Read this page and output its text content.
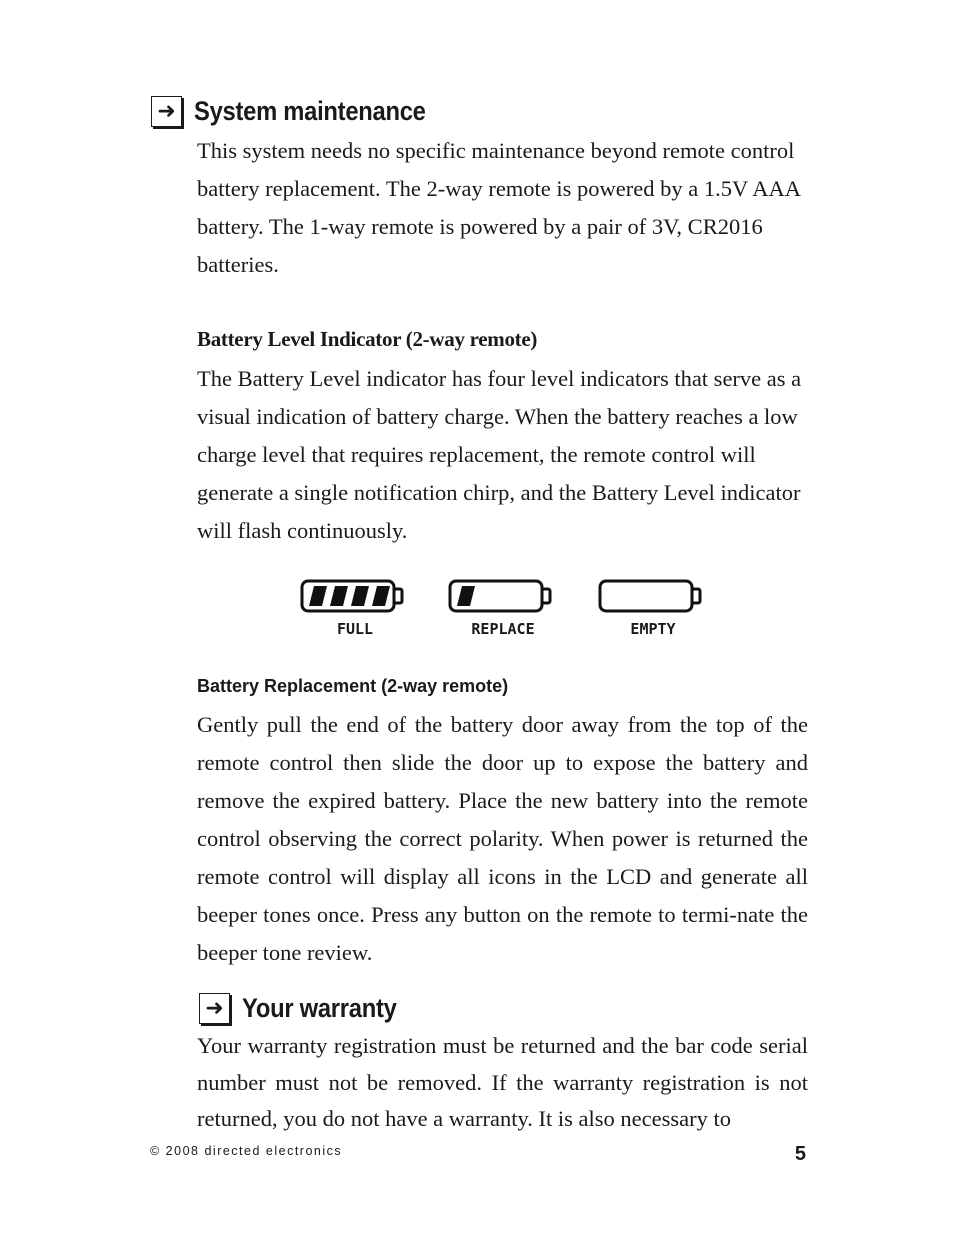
➜ System maintenance

This system needs no specific maintenance beyond remote control battery replacement. The 2-way remote is powered by a 1.5V AAA battery. The 1-way remote is powered by a pair of 3V, CR2016 batteries.

Battery Level Indicator (2-way remote)

The Battery Level indicator has four level indicators that serve as a visual indication of battery charge. When the battery reaches a low charge level that requires replacement, the remote control will generate a single notification chirp, and the Battery Level indicator will flash continuously.

FULL	REPLACE	EMPTY

Battery Replacement (2-way remote)

Gently pull the end of the battery door away from the top of the remote control then slide the door up to expose the battery and remove the expired battery. Place the new battery into the remote control observing the correct polarity. When power is returned the remote control will display all icons in the LCD and generate all beeper tones once. Press any button on the remote to termi-nate the beeper tone review.

➜ Your warranty

Your warranty registration must be returned and the bar code serial number must not be removed. If the warranty registration is not returned, you do not have a warranty. It is also necessary to

© 2008 directed electronics	5
